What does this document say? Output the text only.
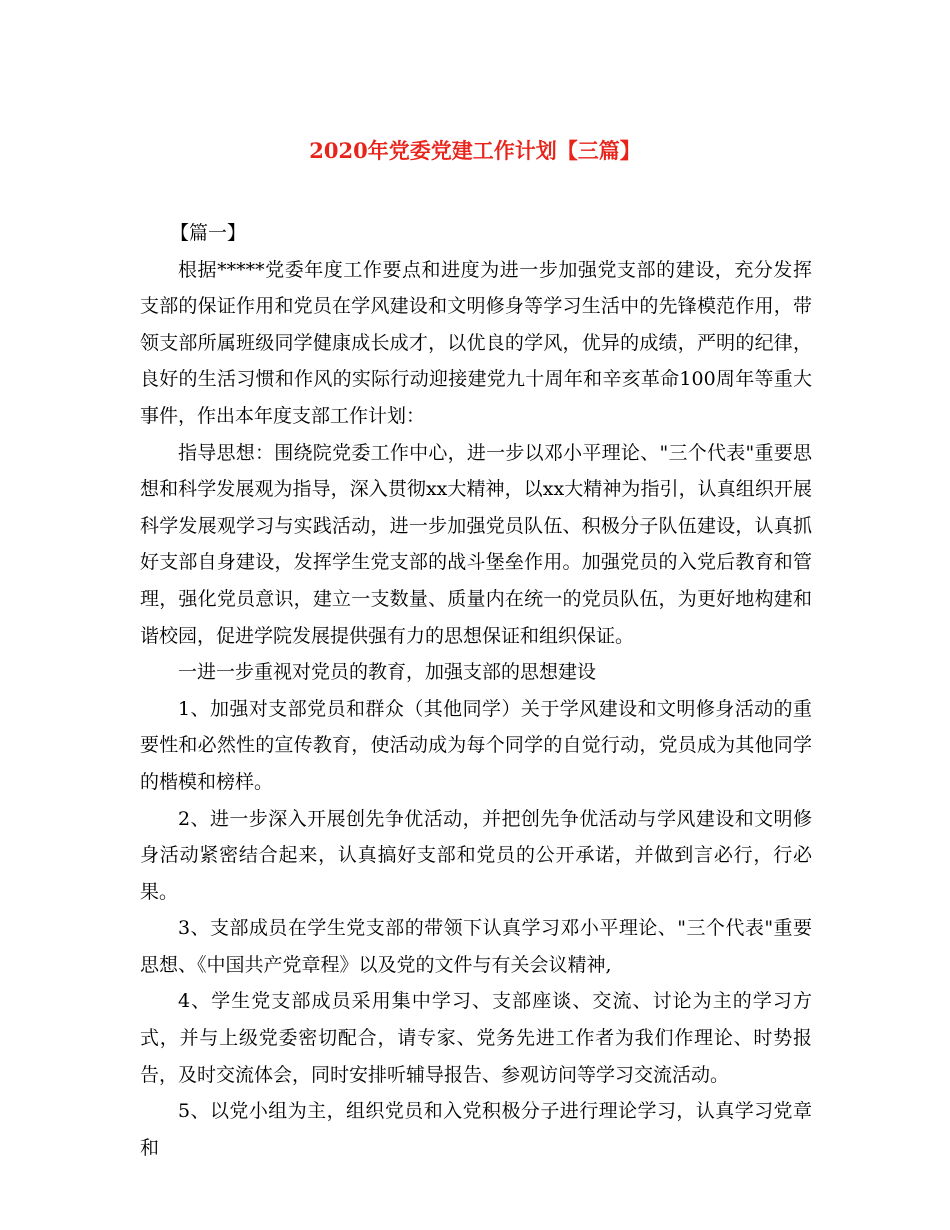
2020年党委党建工作计划【三篇】

【篇一】

根据*****党委年度工作要点和进度为进一步加强党支部的建设，充分发挥支部的保证作用和党员在学风建设和文明修身等学习生活中的先锋模范作用，带领支部所属班级同学健康成长成才，以优良的学风，优异的成绩，严明的纪律，良好的生活习惯和作风的实际行动迎接建党九十周年和辛亥革命100周年等重大事件，作出本年度支部工作计划：

指导思想：围绕院党委工作中心，进一步以邓小平理论、"三个代表"重要思想和科学发展观为指导，深入贯彻xx大精神，以xx大精神为指引，认真组织开展科学发展观学习与实践活动，进一步加强党员队伍、积极分子队伍建设，认真抓好支部自身建设，发挥学生党支部的战斗堡垒作用。加强党员的入党后教育和管理，强化党员意识，建立一支数量、质量内在统一的党员队伍，为更好地构建和谐校园，促进学院发展提供强有力的思想保证和组织保证。

一进一步重视对党员的教育，加强支部的思想建设

1、加强对支部党员和群众（其他同学）关于学风建设和文明修身活动的重要性和必然性的宣传教育，使活动成为每个同学的自觉行动，党员成为其他同学的楷模和榜样。

2、进一步深入开展创先争优活动，并把创先争优活动与学风建设和文明修身活动紧密结合起来，认真搞好支部和党员的公开承诺，并做到言必行，行必果。

3、支部成员在学生党支部的带领下认真学习邓小平理论、"三个代表"重要思想、《中国共产党章程》以及党的文件与有关会议精神,

4、学生党支部成员采用集中学习、支部座谈、交流、讨论为主的学习方式，并与上级党委密切配合，请专家、党务先进工作者为我们作理论、时势报告，及时交流体会，同时安排听辅导报告、参观访问等学习交流活动。

5、以党小组为主，组织党员和入党积极分子进行理论学习，认真学习党章和
